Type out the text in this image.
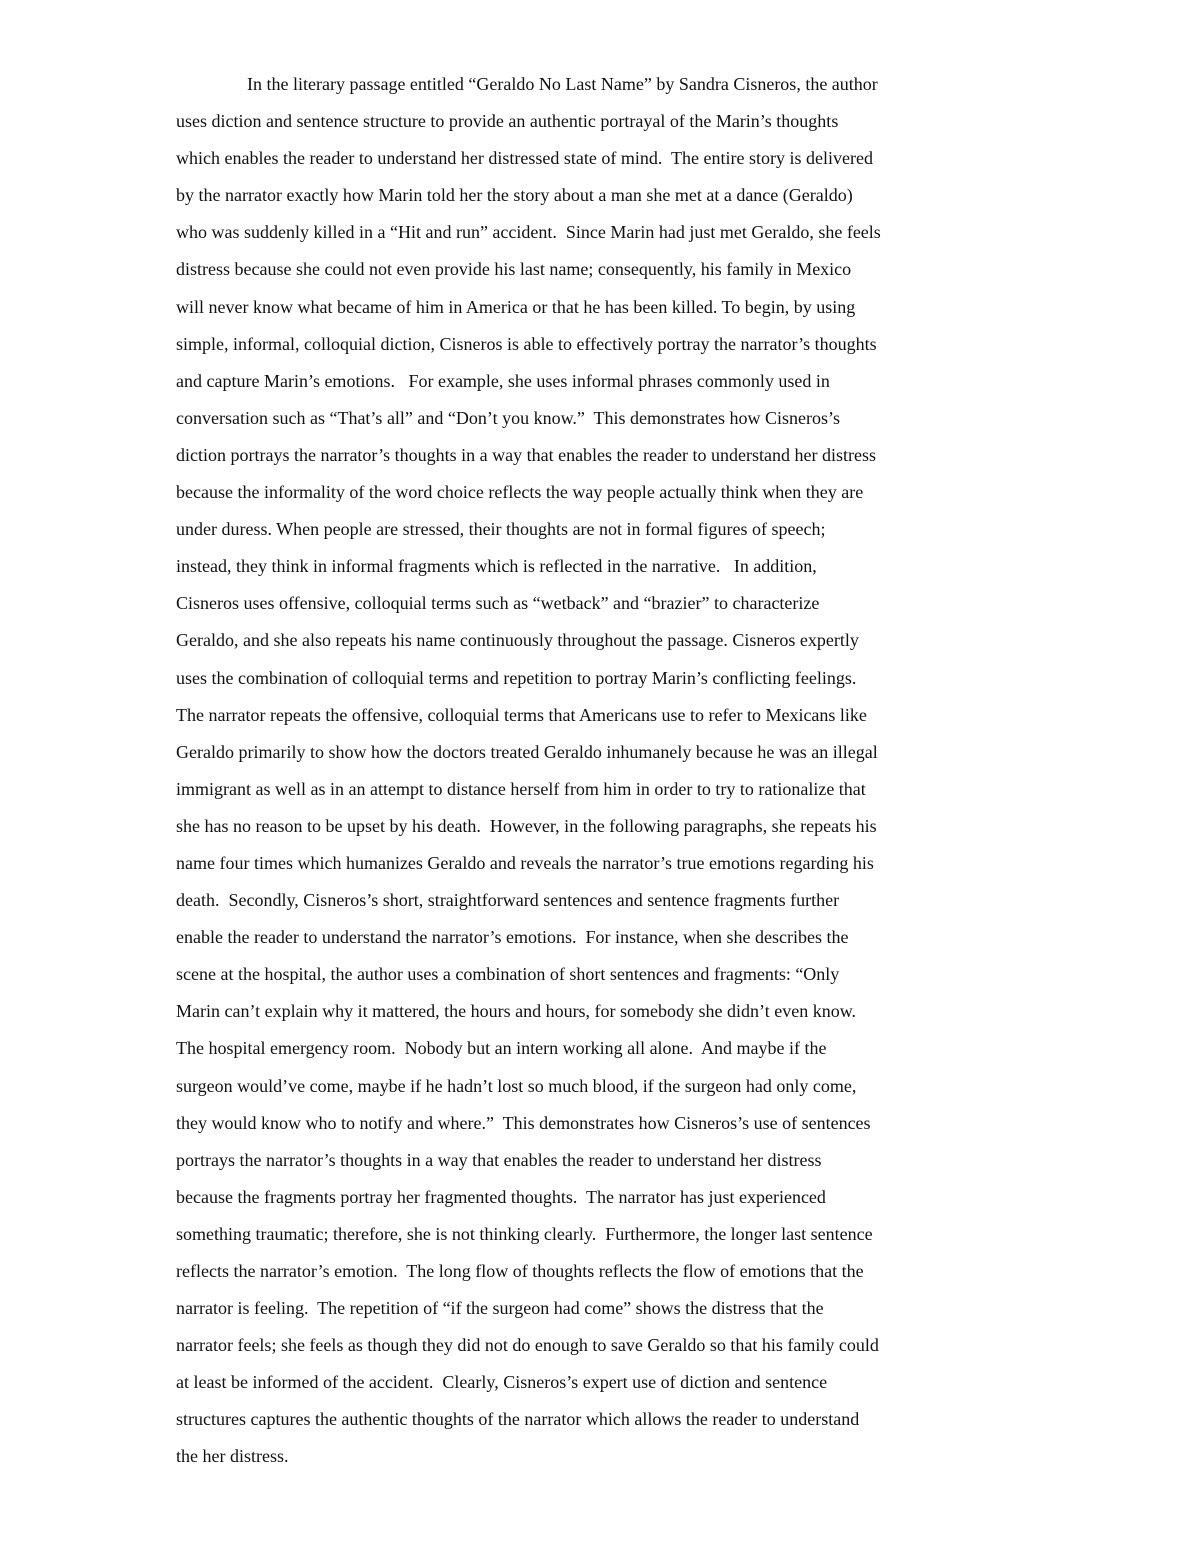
In the literary passage entitled “Geraldo No Last Name” by Sandra Cisneros, the author
uses diction and sentence structure to provide an authentic portrayal of the Marin’s thoughts
which enables the reader to understand her distressed state of mind.  The entire story is delivered
by the narrator exactly how Marin told her the story about a man she met at a dance (Geraldo)
who was suddenly killed in a “Hit and run” accident.  Since Marin had just met Geraldo, she feels
distress because she could not even provide his last name; consequently, his family in Mexico
will never know what became of him in America or that he has been killed. To begin, by using
simple, informal, colloquial diction, Cisneros is able to effectively portray the narrator’s thoughts
and capture Marin’s emotions.   For example, she uses informal phrases commonly used in
conversation such as “That’s all” and “Don’t you know.”  This demonstrates how Cisneros’s
diction portrays the narrator’s thoughts in a way that enables the reader to understand her distress
because the informality of the word choice reflects the way people actually think when they are
under duress. When people are stressed, their thoughts are not in formal figures of speech;
instead, they think in informal fragments which is reflected in the narrative.   In addition,
Cisneros uses offensive, colloquial terms such as “wetback” and “brazier” to characterize
Geraldo, and she also repeats his name continuously throughout the passage. Cisneros expertly
uses the combination of colloquial terms and repetition to portray Marin’s conflicting feelings.
The narrator repeats the offensive, colloquial terms that Americans use to refer to Mexicans like
Geraldo primarily to show how the doctors treated Geraldo inhumanely because he was an illegal
immigrant as well as in an attempt to distance herself from him in order to try to rationalize that
she has no reason to be upset by his death.  However, in the following paragraphs, she repeats his
name four times which humanizes Geraldo and reveals the narrator’s true emotions regarding his
death.  Secondly, Cisneros’s short, straightforward sentences and sentence fragments further
enable the reader to understand the narrator’s emotions.  For instance, when she describes the
scene at the hospital, the author uses a combination of short sentences and fragments: “Only
Marin can’t explain why it mattered, the hours and hours, for somebody she didn’t even know.
The hospital emergency room.  Nobody but an intern working all alone.  And maybe if the
surgeon would’ve come, maybe if he hadn’t lost so much blood, if the surgeon had only come,
they would know who to notify and where.”  This demonstrates how Cisneros’s use of sentences
portrays the narrator’s thoughts in a way that enables the reader to understand her distress
because the fragments portray her fragmented thoughts.  The narrator has just experienced
something traumatic; therefore, she is not thinking clearly.  Furthermore, the longer last sentence
reflects the narrator’s emotion.  The long flow of thoughts reflects the flow of emotions that the
narrator is feeling.  The repetition of “if the surgeon had come” shows the distress that the
narrator feels; she feels as though they did not do enough to save Geraldo so that his family could
at least be informed of the accident.  Clearly, Cisneros’s expert use of diction and sentence
structures captures the authentic thoughts of the narrator which allows the reader to understand
the her distress.
